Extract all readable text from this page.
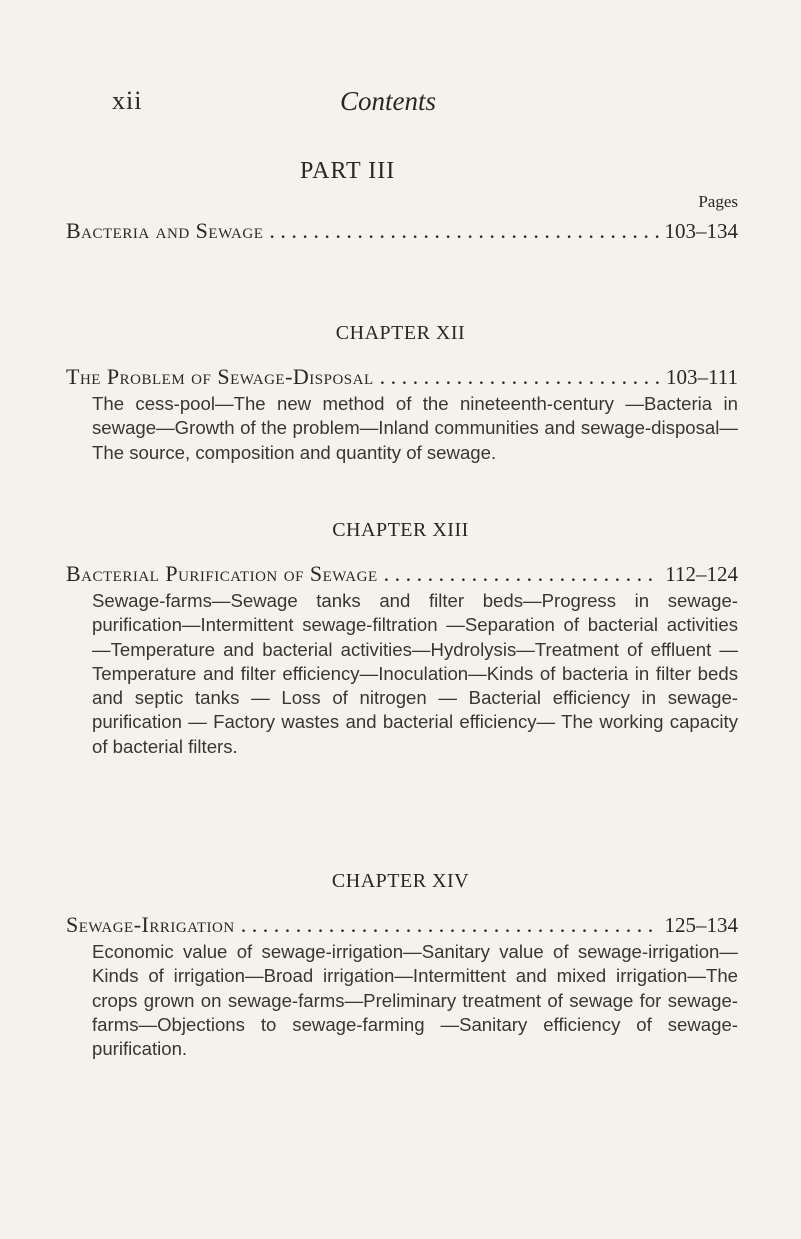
xii	Contents
PART III
Pages
Bacteria and Sewage . . .	103–134
CHAPTER XII
The Problem of Sewage-Disposal . . .	103–111
The cess-pool—The new method of the nineteenth-century —Bacteria in sewage—Growth of the problem—Inland communities and sewage-disposal—The source, composition and quantity of sewage.
CHAPTER XIII
Bacterial Purification of Sewage . . .	112–124
Sewage-farms—Sewage tanks and filter beds—Progress in sewage-purification—Intermittent sewage-filtration —Separation of bacterial activities—Temperature and bacterial activities—Hydrolysis—Treatment of effluent —Temperature and filter efficiency—Inoculation—Kinds of bacteria in filter beds and septic tanks — Loss of nitrogen — Bacterial efficiency in sewage-purification — Factory wastes and bacterial efficiency— The working capacity of bacterial filters.
CHAPTER XIV
Sewage-Irrigation . . .	125–134
Economic value of sewage-irrigation—Sanitary value of sewage-irrigation—Kinds of irrigation—Broad irrigation—Intermittent and mixed irrigation—The crops grown on sewage-farms—Preliminary treatment of sewage for sewage-farms—Objections to sewage-farming —Sanitary efficiency of sewage-purification.
